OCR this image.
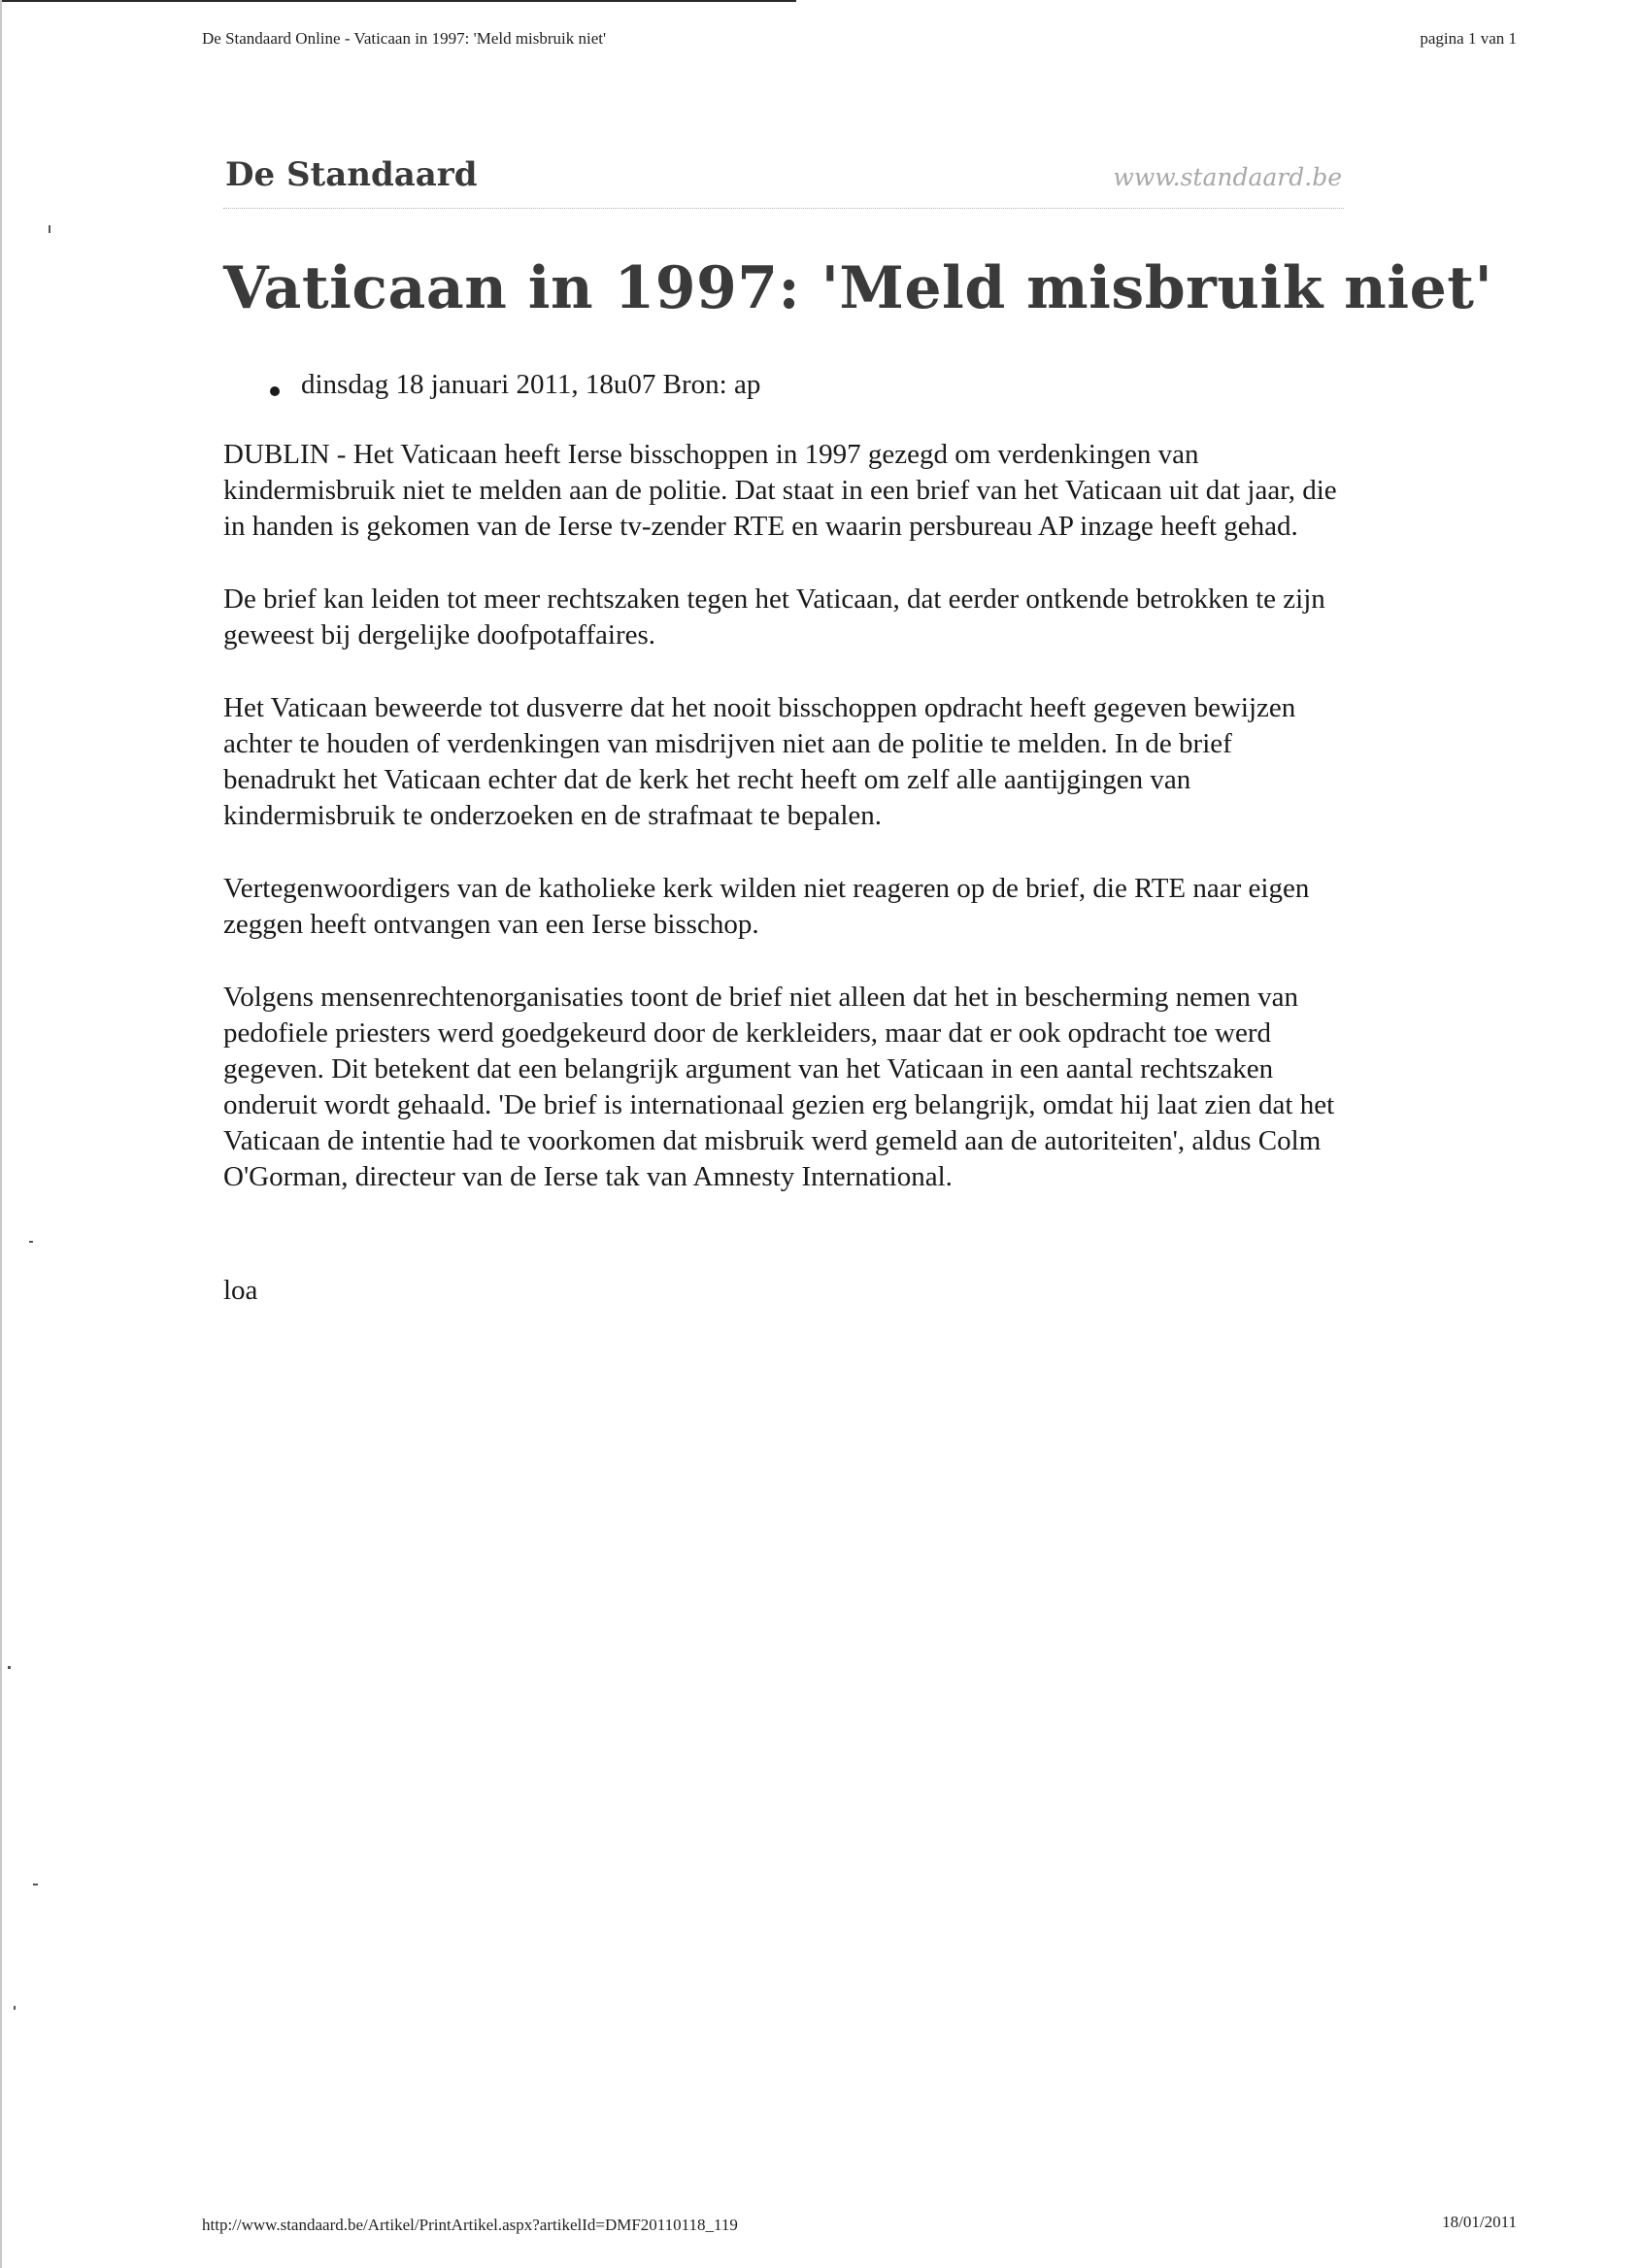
De Standaard Online - Vaticaan in 1997: 'Meld misbruik niet'	pagina 1 van 1
De Standaard	www.standaard.be
Vaticaan in 1997: 'Meld misbruik niet'
dinsdag 18 januari 2011, 18u07 Bron: ap

DUBLIN - Het Vaticaan heeft Ierse bisschoppen in 1997 gezegd om verdenkingen van
kindermisbruik niet te melden aan de politie. Dat staat in een brief van het Vaticaan uit dat jaar, die
in handen is gekomen van de Ierse tv-zender RTE en waarin persbureau AP inzage heeft gehad.

De brief kan leiden tot meer rechtszaken tegen het Vaticaan, dat eerder ontkende betrokken te zijn
geweest bij dergelijke doofpotaffaires.

Het Vaticaan beweerde tot dusverre dat het nooit bisschoppen opdracht heeft gegeven bewijzen
achter te houden of verdenkingen van misdrijven niet aan de politie te melden. In de brief
benadrukt het Vaticaan echter dat de kerk het recht heeft om zelf alle aantijgingen van
kindermisbruik te onderzoeken en de strafmaat te bepalen.

Vertegenwoordigers van de katholieke kerk wilden niet reageren op de brief, die RTE naar eigen
zeggen heeft ontvangen van een Ierse bisschop.

Volgens mensenrechtenorganisaties toont de brief niet alleen dat het in bescherming nemen van
pedofiele priesters werd goedgekeurd door de kerkleiders, maar dat er ook opdracht toe werd
gegeven. Dit betekent dat een belangrijk argument van het Vaticaan in een aantal rechtszaken
onderuit wordt gehaald. 'De brief is internationaal gezien erg belangrijk, omdat hij laat zien dat het
Vaticaan de intentie had te voorkomen dat misbruik werd gemeld aan de autoriteiten', aldus Colm
O'Gorman, directeur van de Ierse tak van Amnesty International.

loa
http://www.standaard.be/Artikel/PrintArtikel.aspx?artikelId=DMF20110118_119	18/01/2011
